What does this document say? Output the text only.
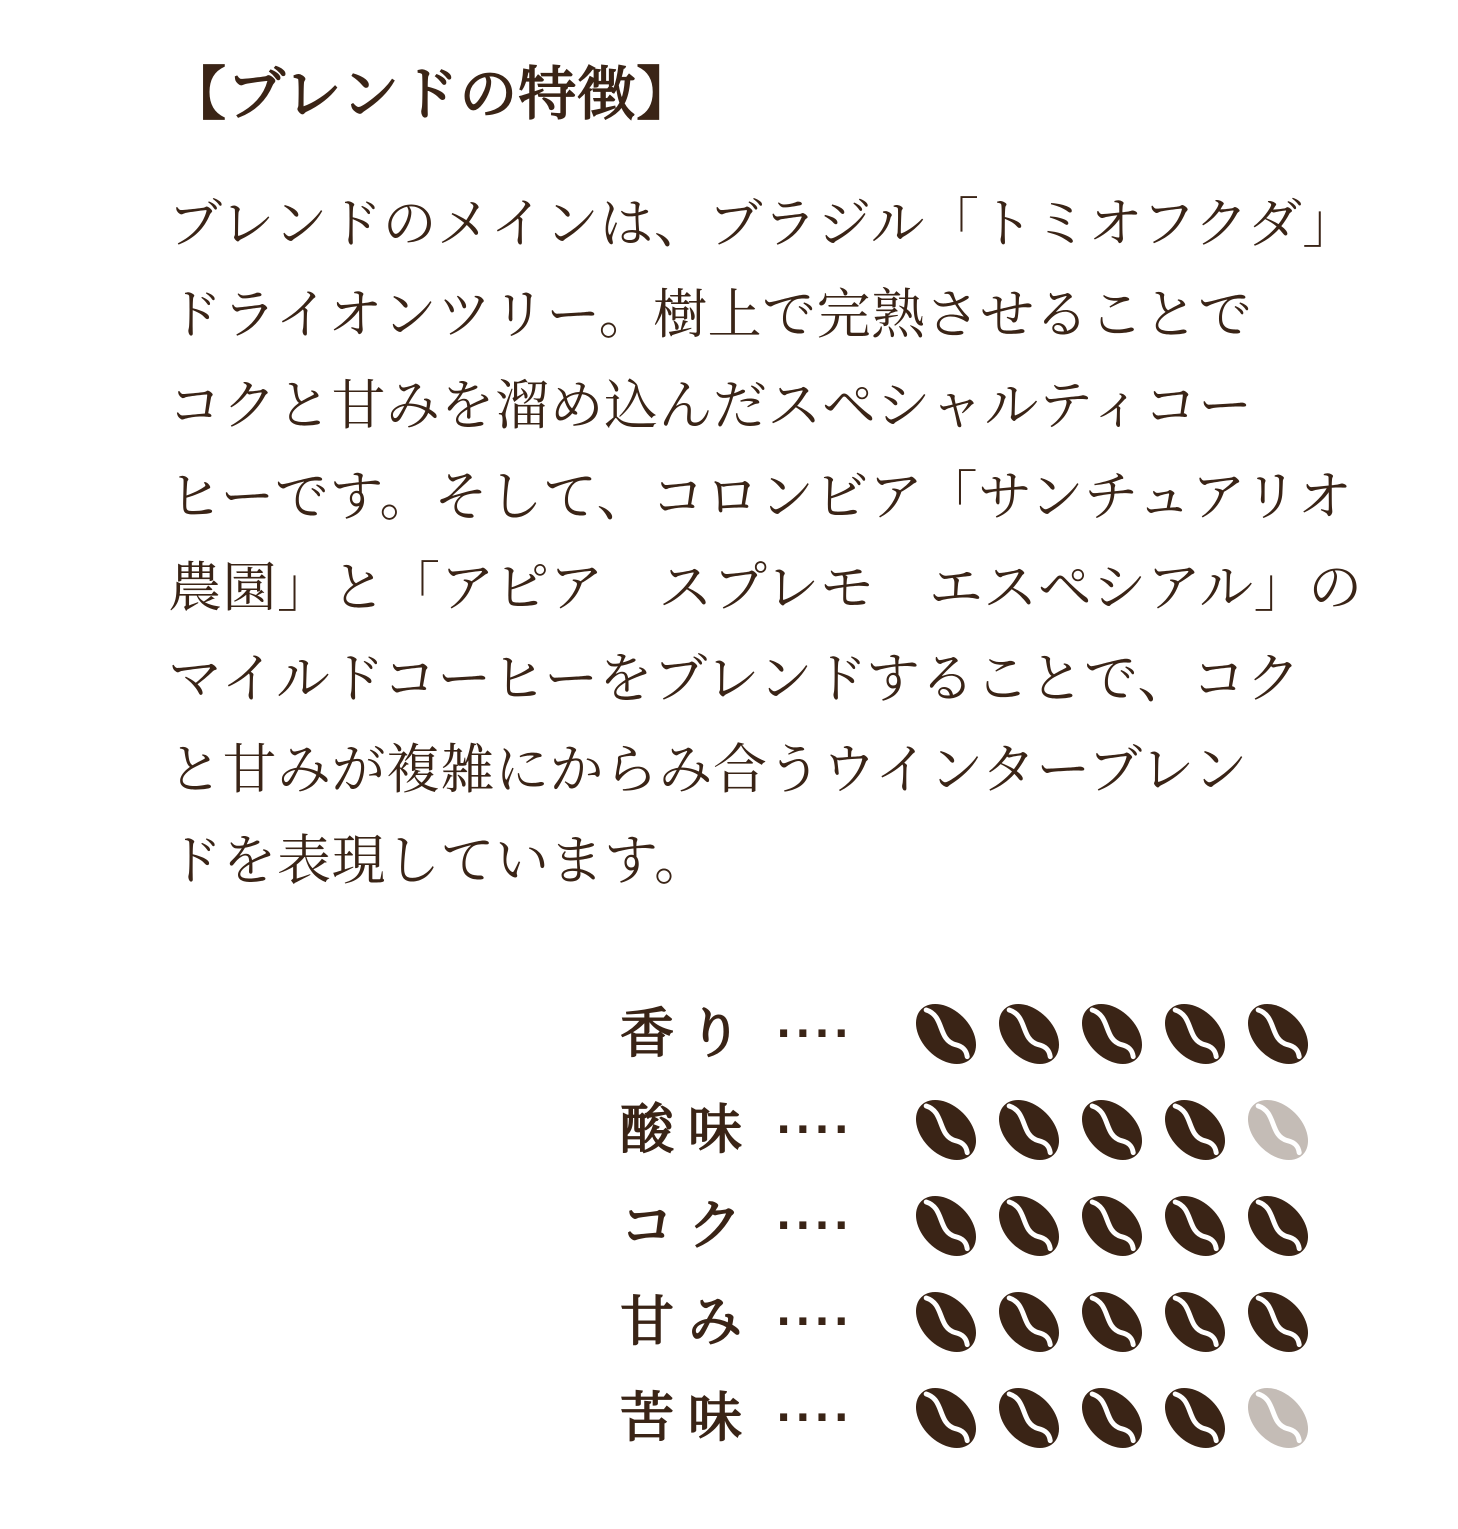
【ブレンドの特徴】
ブレンドのメインは、ブラジル「トミオフクダ」
ドライオンツリー。樹上で完熟させることで
コクと甘みを溜め込んだスペシャルティコー
ヒーです。そして、コロンビア「サンチュアリオ
農園」と「アピア　スプレモ　エスペシアル」の
マイルドコーヒーをブレンドすることで、コク
と甘みが複雑にからみ合うウインターブレン
ドを表現しています。
香り ····
酸味 ····
コク ····
甘み ····
苦味 ····
